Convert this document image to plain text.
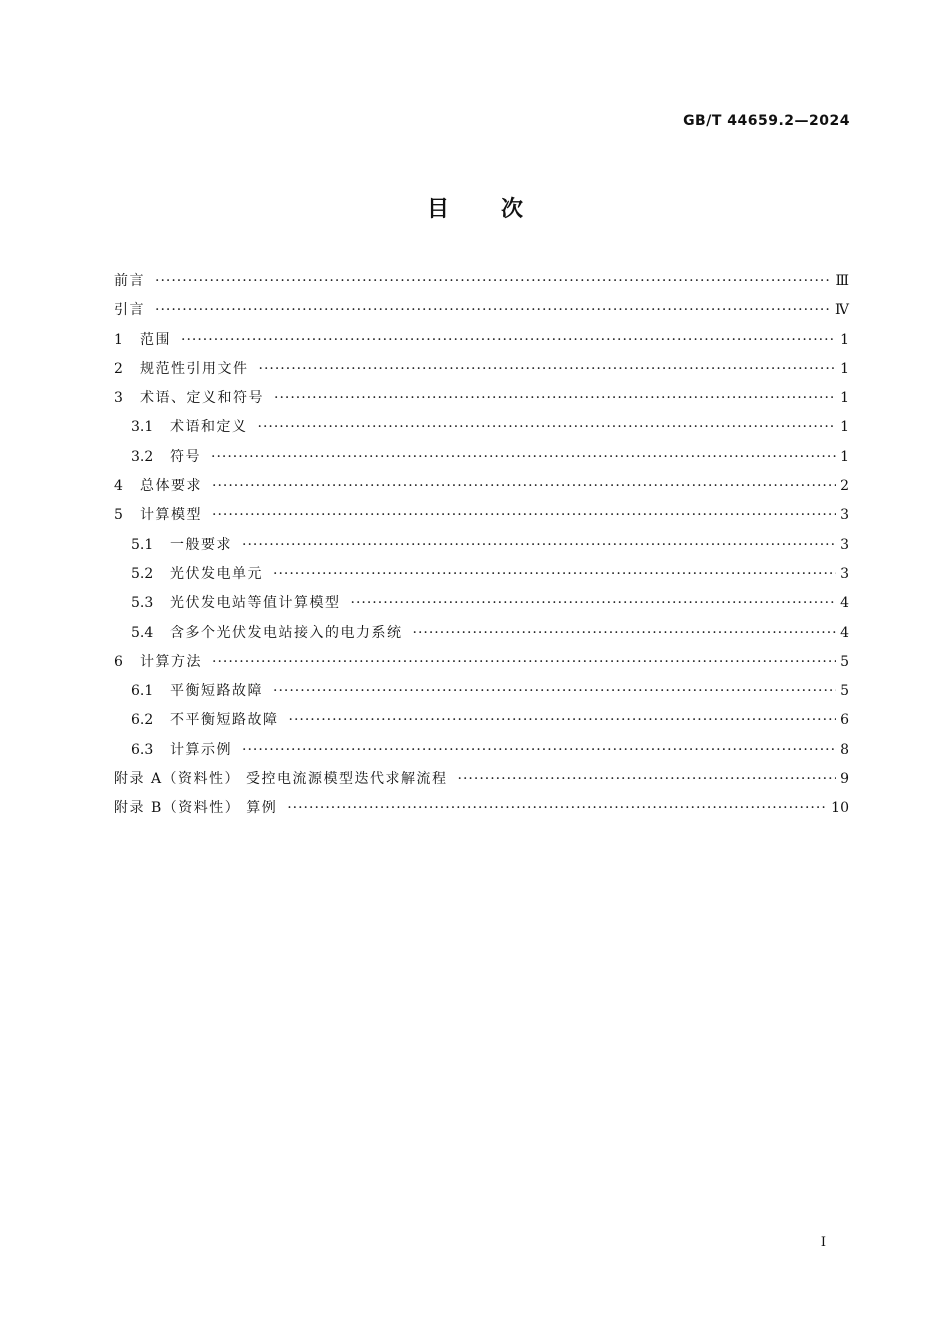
GB/T 44659.2—2024
目次
前言 ·····	Ⅲ
引言 ·····	Ⅳ
1 范围 ·····	1
2 规范性引用文件 ·····	1
3 术语、定义和符号 ·····	1
3.1 术语和定义 ·····	1
3.2 符号 ·····	1
4 总体要求 ·····	2
5 计算模型 ·····	3
5.1 一般要求 ·····	3
5.2 光伏发电单元 ·····	3
5.3 光伏发电站等值计算模型 ·····	4
5.4 含多个光伏发电站接入的电力系统 ·····	4
6 计算方法 ·····	5
6.1 平衡短路故障 ·····	5
6.2 不平衡短路故障 ·····	6
6.3 计算示例 ·····	8
附录 A（资料性） 受控电流源模型迭代求解流程 ·····	9
附录 B（资料性） 算例 ·····	10
I
